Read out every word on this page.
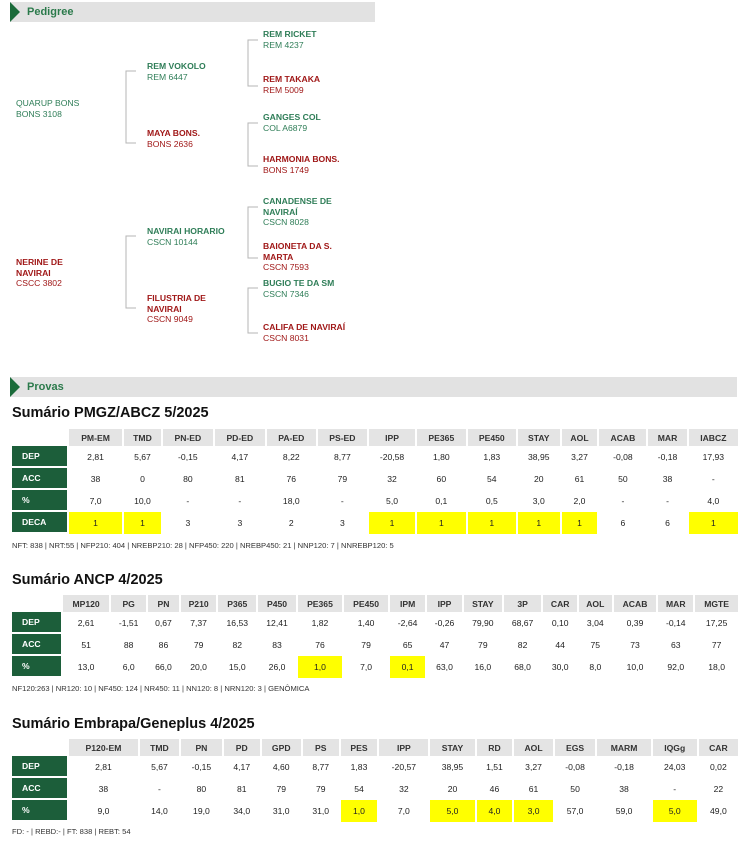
Pedigree
QUARUP BONS
BONS 3108
NERINE DE
NAVIRAI
CSCC 3802
REM VOKOLO
REM 6447
MAYA BONS.
BONS 2636
NAVIRAI HORARIO
CSCN 10144
FILUSTRIA DE
NAVIRAI
CSCN 9049
REM RICKET
REM 4237
REM TAKAKA
REM 5009
GANGES COL
COL A6879
HARMONIA BONS.
BONS 1749
CANADENSE DE
NAVIRAÍ
CSCN 8028
BAIONETA DA S.
MARTA
CSCN 7593
BUGIO TE DA SM
CSCN 7346
CALIFA DE NAVIRAÍ
CSCN 8031
Provas
Sumário PMGZ/ABCZ 5/2025
	PM-EM	TMD	PN-ED	PD-ED	PA-ED	PS-ED	IPP	PE365	PE450	STAY	AOL	ACAB	MAR	IABCZ
DEP	2,81	5,67	-0,15	4,17	8,22	8,77	-20,58	1,80	1,83	38,95	3,27	-0,08	-0,18	17,93
ACC	38	0	80	81	76	79	32	60	54	20	61	50	38	-
%	7,0	10,0	-	-	18,0	-	5,0	0,1	0,5	3,0	2,0	-	-	4,0
DECA	1	1	3	3	2	3	1	1	1	1	1	6	6	1
NFT: 838 | NRT:55 | NFP210: 404 | NREBP210: 28 | NFP450: 220 | NREBP450: 21 | NNP120: 7 | NNREBP120: 5
Sumário ANCP 4/2025
	MP120	PG	PN	P210	P365	P450	PE365	PE450	IPM	IPP	STAY	3P	CAR	AOL	ACAB	MAR	MGTE
DEP	2,61	-1,51	0,67	7,37	16,53	12,41	1,82	1,40	-2,64	-0,26	79,90	68,67	0,10	3,04	0,39	-0,14	17,25
ACC	51	88	86	79	82	83	76	79	65	47	79	82	44	75	73	63	77
%	13,0	6,0	66,0	20,0	15,0	26,0	1,0	7,0	0,1	63,0	16,0	68,0	30,0	8,0	10,0	92,0	18,0
NF120:263 | NR120: 10 | NF450: 124 | NR450: 11 | NN120: 8 | NRN120: 3 | GENÔMICA
Sumário Embrapa/Geneplus 4/2025
	P120-EM	TMD	PN	PD	GPD	PS	PES	IPP	STAY	RD	AOL	EGS	MARM	IQGg	CAR
DEP	2,81	5,67	-0,15	4,17	4,60	8,77	1,83	-20,57	38,95	1,51	3,27	-0,08	-0,18	24,03	0,02
ACC	38	-	80	81	79	79	54	32	20	46	61	50	38	-	22
%	9,0	14,0	19,0	34,0	31,0	31,0	1,0	7,0	5,0	4,0	3,0	57,0	59,0	5,0	49,0
FD: - | REBD:- | FT: 838 | REBT: 54
